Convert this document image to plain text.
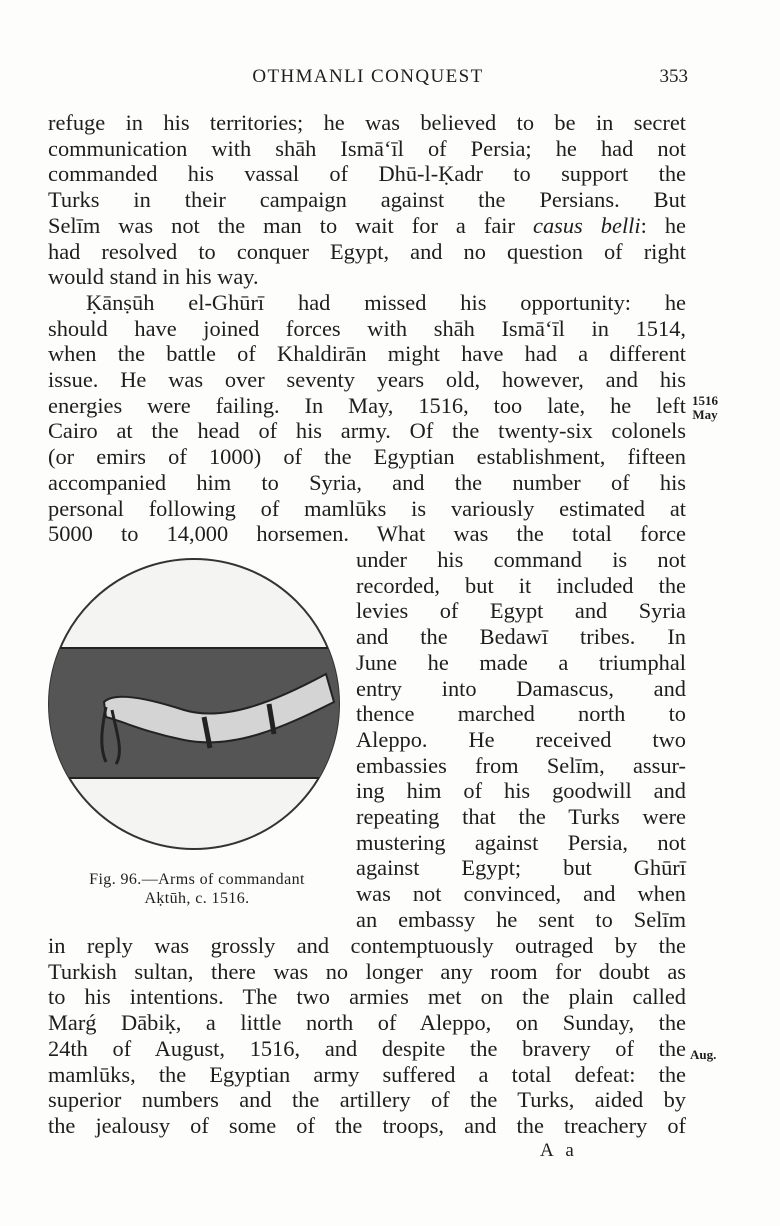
OTHMANLI CONQUEST	353
refuge in his territories; he was believed to be in secret
communication with shāh Ismā‘īl of Persia; he had not
commanded his vassal of Dhū-l-Ḳadr to support the
Turks in their campaign against the Persians. But
Selīm was not the man to wait for a fair casus belli: he
had resolved to conquer Egypt, and no question of right
would stand in his way.
Ḳānṣūh el-Ghūrī had missed his opportunity: he
should have joined forces with shāh Ismā‘īl in 1514,
when the battle of Khaldirān might have had a different
issue. He was over seventy years old, however, and his
energies were failing. In May, 1516, too late, he left
Cairo at the head of his army. Of the twenty-six colonels
(or emirs of 1000) of the Egyptian establishment, fifteen
accompanied him to Syria, and the number of his
personal following of mamlūks is variously estimated at
5000 to 14,000 horsemen. What was the total force
under his command is not
recorded, but it included the
levies of Egypt and Syria
and the Bedawī tribes. In
June he made a triumphal
entry into Damascus, and
thence marched north to
Aleppo. He received two
embassies from Selīm, assur-
ing him of his goodwill and
repeating that the Turks were
mustering against Persia, not
against Egypt; but Ghūrī
was not convinced, and when
an embassy he sent to Selīm
Fig. 96.—Arms of commandant
Aḳtūh, c. 1516.
in reply was grossly and contemptuously outraged by the
Turkish sultan, there was no longer any room for doubt as
to his intentions. The two armies met on the plain called
Marǵ Dābiḳ, a little north of Aleppo, on Sunday, the
24th of August, 1516, and despite the bravery of the
mamlūks, the Egyptian army suffered a total defeat: the
superior numbers and the artillery of the Turks, aided by
the jealousy of some of the troops, and the treachery of
1516
May
Aug.
A a
